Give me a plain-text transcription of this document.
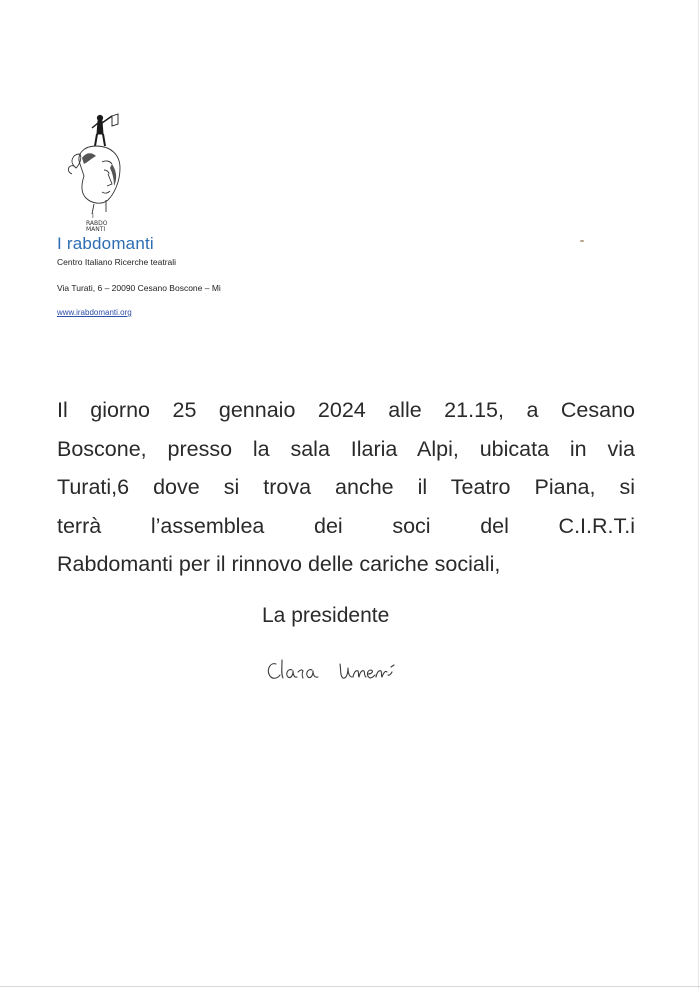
I
RABDO
MANTI
I rabdomanti
Centro Italiano Ricerche teatrali
Via Turati, 6 – 20090 Cesano Boscone – Mi
www.irabdomanti.org
Il giorno 25 gennaio 2024 alle 21.15, a Cesano
Boscone, presso la sala Ilaria Alpi, ubicata in via
Turati,6 dove si trova anche il Teatro Piana, si
terrà l’assemblea dei soci del C.I.R.T.i
Rabdomanti per il rinnovo delle cariche sociali,
La presidente
